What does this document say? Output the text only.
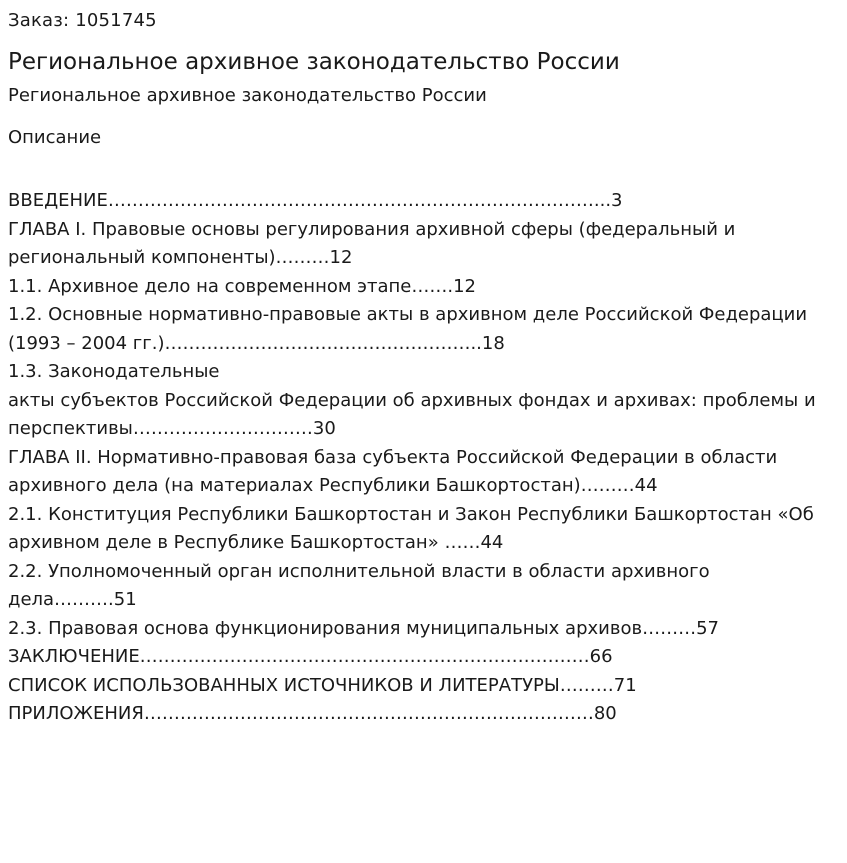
Заказ: 1051745
Региональное архивное законодательство России
Региональное архивное законодательство России
Описание
ВВЕДЕНИЕ………………………………………………………………………...3
ГЛАВА I. Правовые основы регулирования архивной сферы (федеральный и региональный компоненты)………12
1.1. Архивное дело на современном этапе…….12
1.2. Основные нормативно-правовые акты в архивном деле Российской Федерации (1993 – 2004 гг.)……………………………………………..18
1.3. Законодательные
акты субъектов Российской Федерации об архивных фондах и архивах: проблемы и перспективы…………………………30
ГЛАВА II. Нормативно-правовая база субъекта Российской Федерации в области архивного дела (на материалах Республики Башкортостан)………44
2.1. Конституция Республики Башкортостан и Закон Республики Башкортостан «Об архивном деле в Республике Башкортостан» ……44
2.2. Уполномоченный орган исполнительной власти в области архивного дела……….51
2.3. Правовая основа функционирования муниципальных архивов………57
ЗАКЛЮЧЕНИЕ…………………………………………………………………66
СПИСОК ИСПОЛЬЗОВАННЫХ ИСТОЧНИКОВ И ЛИТЕРАТУРЫ………71
ПРИЛОЖЕНИЯ…………………………………………………………………80
